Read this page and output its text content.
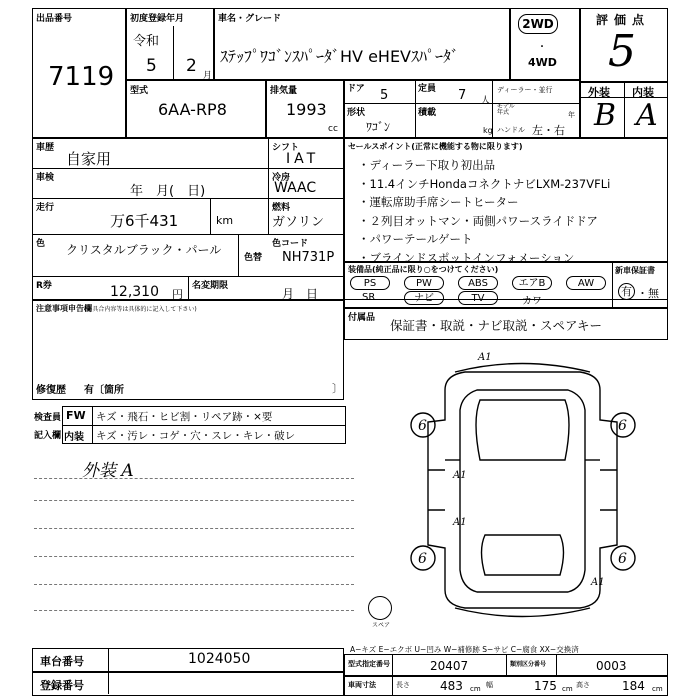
出品番号
7119
初度登録年月
令和
5 2 月
車名・グレード
ｽﾃｯﾌﾟﾜｺﾞﾝｽﾊﾟｰﾀﾞHV eHEVｽﾊﾟｰﾀﾞ
2WD
・
4WD
評価点
5
型式
6AA-RP8
排気量
1993
cc
ドア 5	定員 7 人
ディーラー・並行
形状
ﾜｺﾞﾝ
積載
kg
モデル年式	年
ハンドル 左・右
外装 内装
B A
車歴
自家用
シフト
IAT
車検
年　月(　日)
冷房
WAAC
走行
万6千431	km
燃料
ガソリン
色 クリスタルブラック・パール
色替
色コード
NH731P
R券	12,310 円
名変期限
月　日
セールスポイント(正常に機能する物に限ります)
・ディーラー下取り初出品
・11.4インチHondaコネクトナビLXM-237VFLi
・運転席助手席シートヒーター
・２列目オットマン・両側パワースライドドア
・パワーテールゲート
・ブラインドスポットインフォメーション
装備品(純正品に限り○をつけてください)	新車保証書
PS	PW	ABS	エアB	AW
SR	ナビ	TV	カワ
有 ・無
付属品 保証書・取説・ナビ取説・スペアキー
注意事項申告欄
(不具合内容等は具体的に記入して下さい)
修復歴 有〔箇所	〕
検査員
記入欄
FW キズ・飛石・ヒビ割・リペア跡・×要
内装 キズ・汚レ・コゲ・穴・スレ・キレ・破レ
外装 A
A1
A1
A1
A1
6	6
6	6
スペア
A−キズ E−エクボ U−凹み W−補修跡 S−サビ C−腐食 XX−交換済
車台番号	1024050
登録番号
型式指定番号	20407	類別区分番号	0003
車両寸法	長さ	483 cm 幅	175 cm 高さ	184 cm
